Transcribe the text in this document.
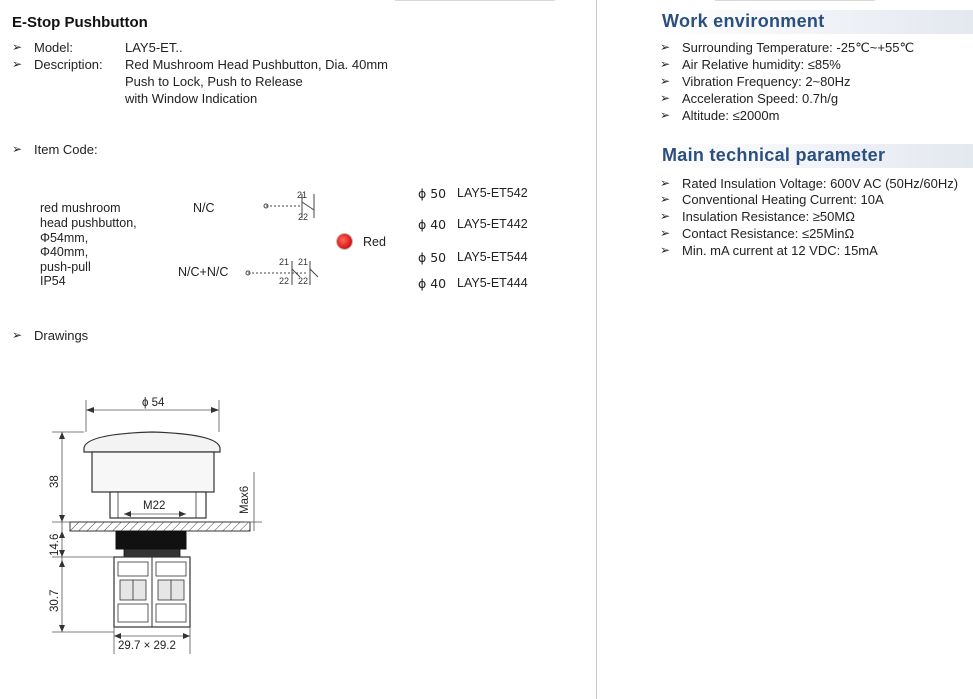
E-Stop Pushbutton
➢ Model:	LAY5-ET..
➢ Description: Red Mushroom Head Pushbutton, Dia. 40mm
Push to Lock, Push to Release
with Window Indication
➢ Item Code:
red mushroom
head pushbutton,
Φ54mm,
Φ40mm,
push-pull
IP54
N/C
N/C+N/C
21
22
21 21
22 22
Red
ϕ 50 LAY5-ET542
ϕ 40 LAY5-ET442
ϕ 50 LAY5-ET544
ϕ 40 LAY5-ET444
➢ Drawings
ϕ 54
M22	Max6
38
14.6
30.7
29.7 × 29.2
Work environment
➢ Surrounding Temperature: -25℃~+55℃
➢ Air Relative humidity: ≤85%
➢ Vibration Frequency: 2~80Hz
➢ Acceleration Speed: 0.7h/g
➢ Altitude: ≤2000m
Main technical parameter
➢ Rated Insulation Voltage: 600V AC (50Hz/60Hz)
➢ Conventional Heating Current: 10A
➢ Insulation Resistance: ≥50MΩ
➢ Contact Resistance: ≤25MinΩ
➢ Min. mA current at 12 VDC: 15mA
